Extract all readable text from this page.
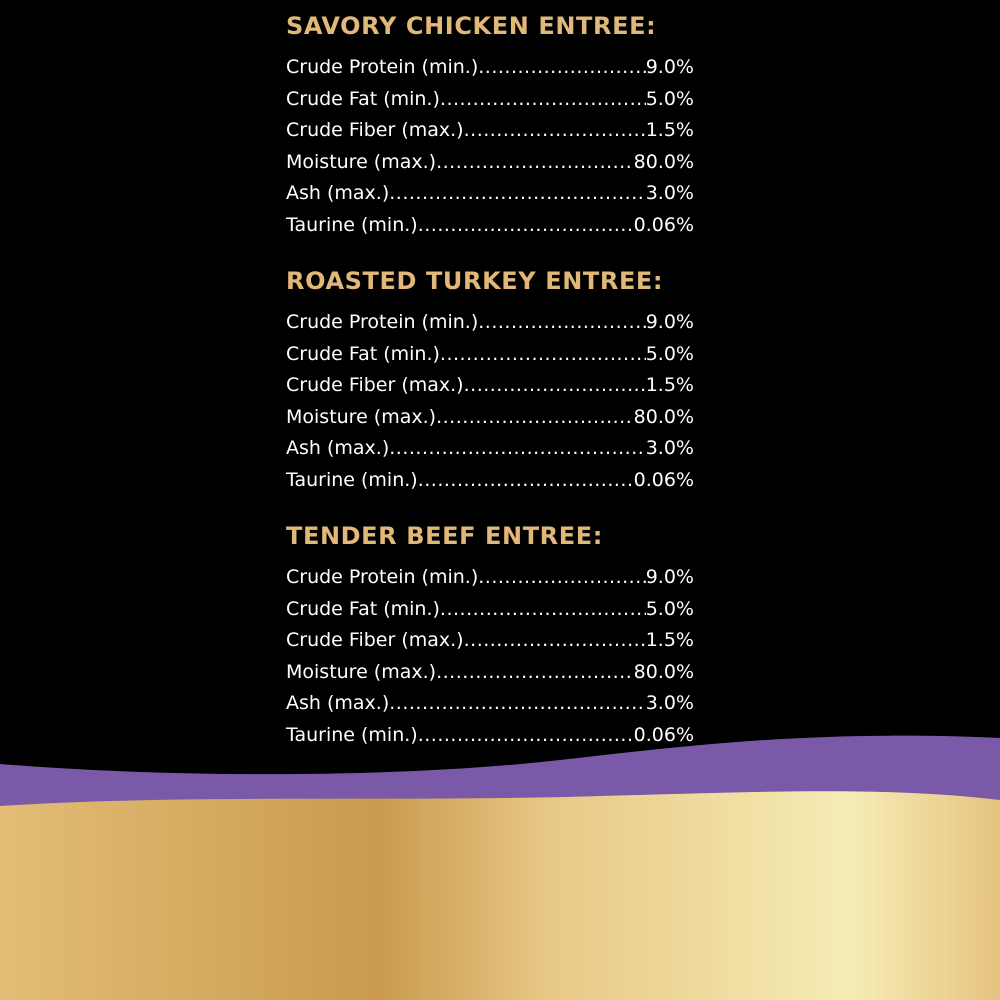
SAVORY CHICKEN ENTREE:
Crude Protein (min.) .....	9.0%
Crude Fat (min.) .....	5.0%
Crude Fiber (max.) .....	1.5%
Moisture (max.) .....	80.0%
Ash (max.) .....	3.0%
Taurine (min.) .....	0.06%
ROASTED TURKEY ENTREE:
Crude Protein (min.) .....	9.0%
Crude Fat (min.) .....	5.0%
Crude Fiber (max.) .....	1.5%
Moisture (max.) .....	80.0%
Ash (max.) .....	3.0%
Taurine (min.) .....	0.06%
TENDER BEEF ENTREE:
Crude Protein (min.) .....	9.0%
Crude Fat (min.) .....	5.0%
Crude Fiber (max.) .....	1.5%
Moisture (max.) .....	80.0%
Ash (max.) .....	3.0%
Taurine (min.) .....	0.06%
